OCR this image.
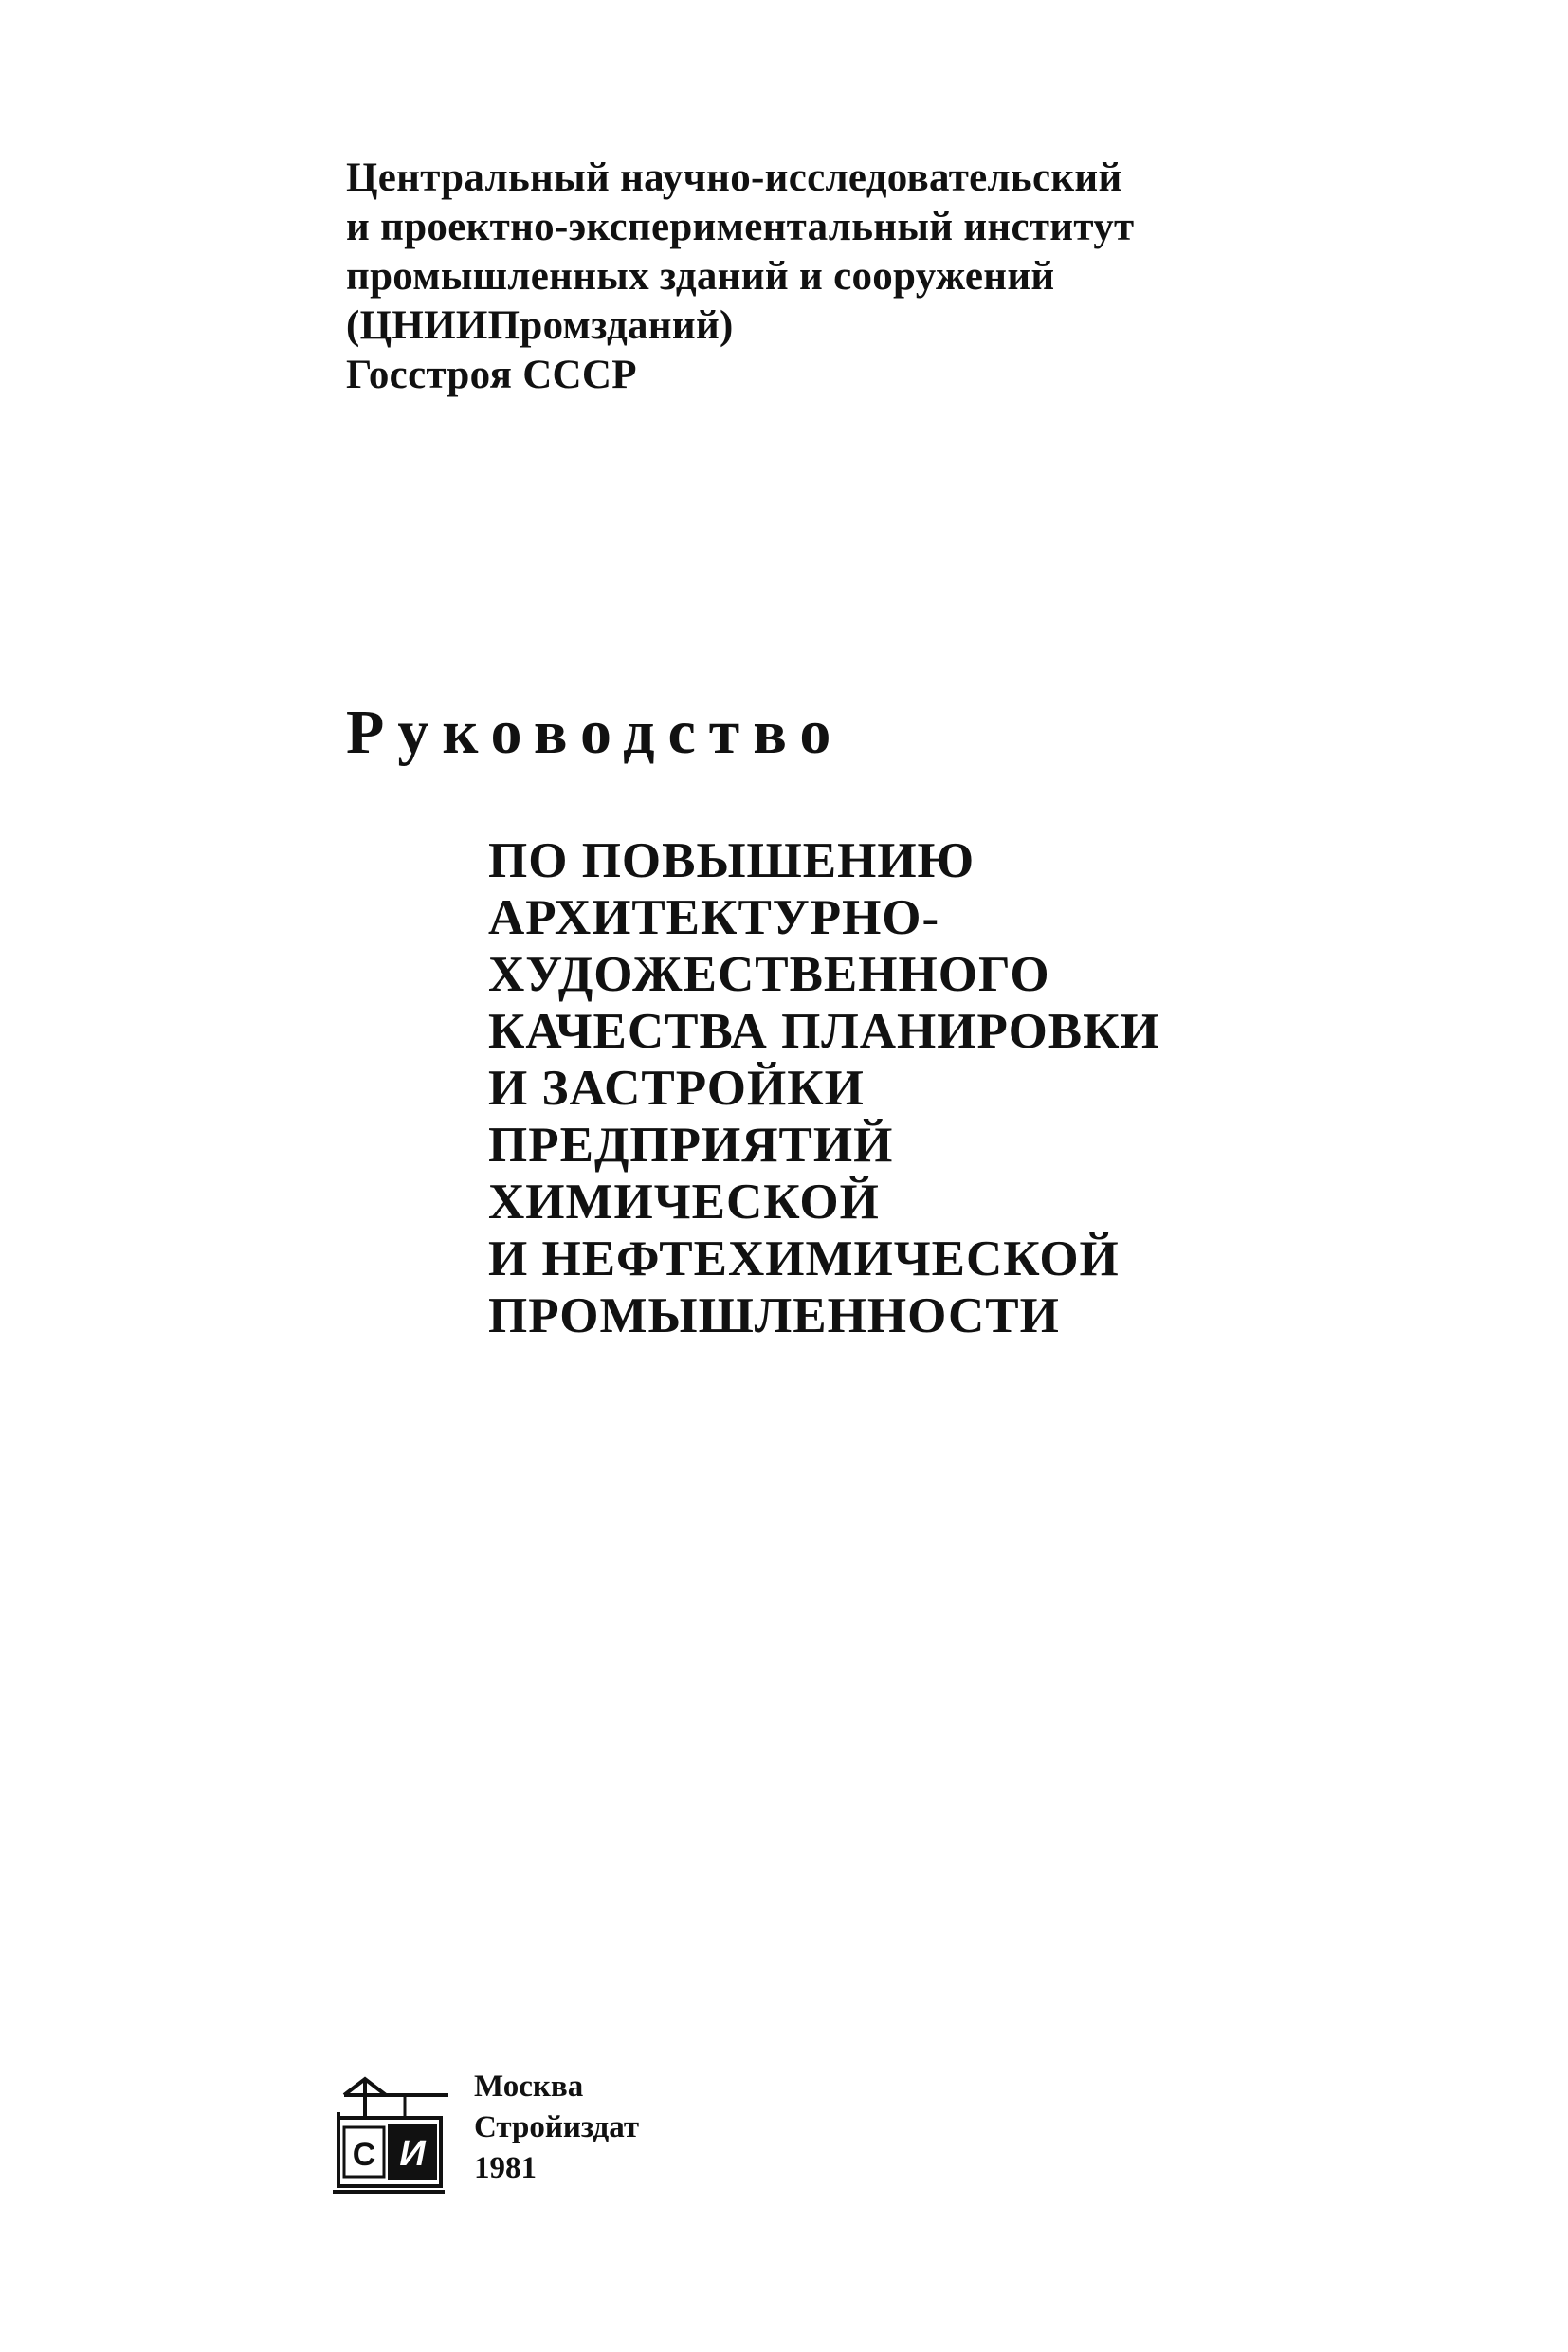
Центральный научно-исследовательский
и проектно-экспериментальный институт
промышленных зданий и сооружений
(ЦНИИПромзданий)
Госстроя СССР
Руководство
ПО ПОВЫШЕНИЮ
АРХИТЕКТУРНО-
ХУДОЖЕСТВЕННОГО
КАЧЕСТВА ПЛАНИРОВКИ
И ЗАСТРОЙКИ
ПРЕДПРИЯТИЙ
ХИМИЧЕСКОЙ
И НЕФТЕХИМИЧЕСКОЙ
ПРОМЫШЛЕННОСТИ
С И
Москва
Стройиздат
1981
